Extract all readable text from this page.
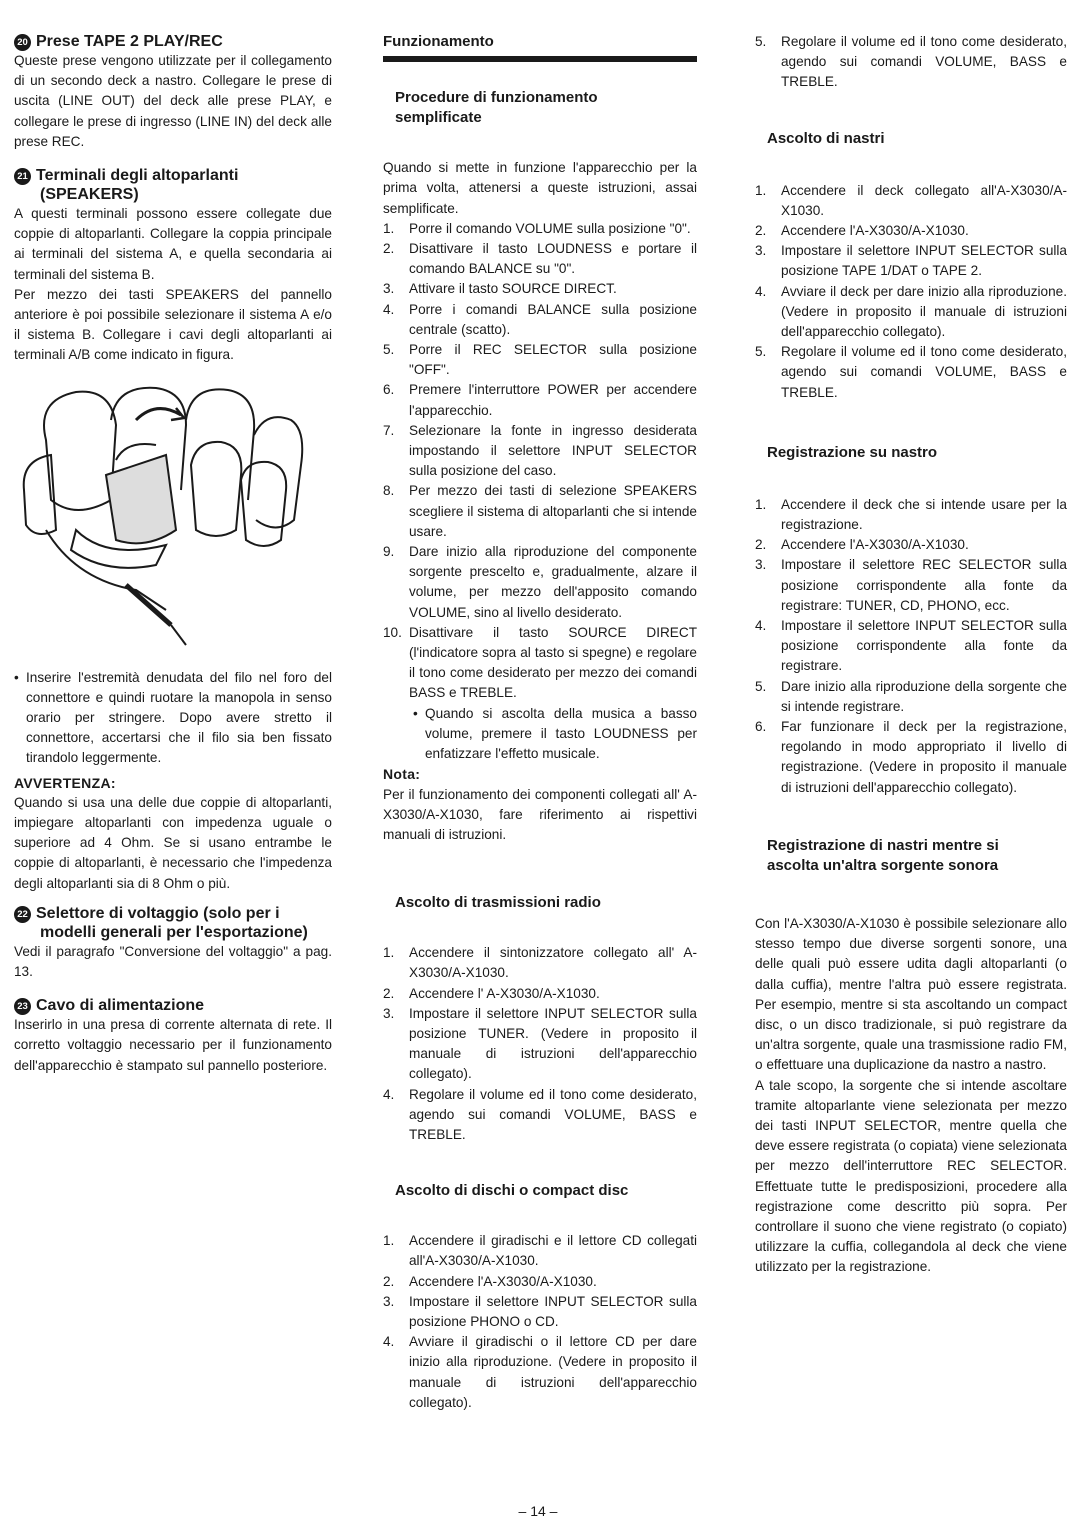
20 Prese TAPE 2 PLAY/REC

Queste prese vengono utilizzate per il collegamento di un secondo deck a nastro. Collegare le prese di uscita (LINE OUT) del deck alle prese PLAY, e collegare le prese di ingresso (LINE IN) del deck alle prese REC.

21 Terminali degli altoparlanti
(SPEAKERS)

A questi terminali possono essere collegate due coppie di altoparlanti. Collegare la coppia principale ai terminali del sistema A, e quella secondaria ai terminali del sistema B.

Per mezzo dei tasti SPEAKERS del pannello anteriore è poi possibile selezionare il sistema A e/o il sistema B. Collegare i cavi degli altoparlanti ai terminali A/B come indicato in figura.

• Inserire l'estremità denudata del filo nel foro del connettore e quindi ruotare la manopola in senso orario per stringere. Dopo avere stretto il connettore, accertarsi che il filo sia ben fissato tirandolo leggermente.
AVVERTENZA:

Quando si usa una delle due coppie di altoparlanti, impiegare altoparlanti con impedenza uguale o superiore ad 4 Ohm. Se si usano entrambe le coppie di altoparlanti, è necessario che l'impedenza degli altoparlanti sia di 8 Ohm o più.

22 Selettore di voltaggio (solo per i
modelli generali per l'esportazione)

Vedi il paragrafo "Conversione del voltaggio" a pag. 13.

23 Cavo di alimentazione

Inserirlo in una presa di corrente alternata di rete. Il corretto voltaggio necessario per il funzionamento dell'apparecchio è stampato sul pannello posteriore.

Funzionamento
Procedure di funzionamento
semplificate

Quando si mette in funzione l'apparecchio per la prima volta, attenersi a queste istruzioni, assai semplificate.

1.	Porre il comando VOLUME sulla posizione "0".
2.	Disattivare il tasto LOUDNESS e portare il comando BALANCE su "0".
3.	Attivare il tasto SOURCE DIRECT.
4.	Porre i comandi BALANCE sulla posizione centrale (scatto).
5.	Porre il REC SELECTOR sulla posizione "OFF".
6.	Premere l'interruttore POWER per accendere l'apparecchio.
7.	Selezionare la fonte in ingresso desiderata impostando il selettore INPUT SELECTOR sulla posizione del caso.
8.	Per mezzo dei tasti di selezione SPEAKERS scegliere il sistema di altoparlanti che si intende usare.
9.	Dare inizio alla riproduzione del componente sorgente prescelto e, gradualmente, alzare il volume, per mezzo dell'apposito comando VOLUME, sino al livello desiderato.
10. Disattivare il tasto SOURCE DIRECT (l'indicatore sopra al tasto si spegne) e regolare il tono come desiderato per mezzo dei comandi BASS e TREBLE.
• Quando si ascolta della musica a basso volume, premere il tasto LOUDNESS per enfatizzare l'effetto musicale.
Nota:

Per il funzionamento dei componenti collegati all' A-X3030/A-X1030, fare riferimento ai rispettivi manuali di istruzioni.

Ascolto di trasmissioni radio
1.	Accendere il sintonizzatore collegato all' A-X3030/A-X1030.
2.	Accendere l' A-X3030/A-X1030.
3.	Impostare il selettore INPUT SELECTOR sulla posizione TUNER. (Vedere in proposito il manuale di istruzioni dell'apparecchio collegato).
4.	Regolare il volume ed il tono come desiderato, agendo sui comandi VOLUME, BASS e TREBLE.
Ascolto di dischi o compact disc
1.	Accendere il giradischi e il lettore CD collegati all'A-X3030/A-X1030.
2.	Accendere l'A-X3030/A-X1030.
3.	Impostare il selettore INPUT SELECTOR sulla posizione PHONO o CD.
4.	Avviare il giradischi o il lettore CD per dare inizio alla riproduzione. (Vedere in proposito il manuale di istruzioni dell'apparecchio collegato).
5.	Regolare il volume ed il tono come desiderato, agendo sui comandi VOLUME, BASS e TREBLE.
Ascolto di nastri
1.	Accendere il deck collegato all'A-X3030/A-X1030.
2.	Accendere l'A-X3030/A-X1030.
3.	Impostare il selettore INPUT SELECTOR sulla posizione TAPE 1/DAT o TAPE 2.
4.	Avviare il deck per dare inizio alla riproduzione. (Vedere in proposito il manuale di istruzioni dell'apparecchio collegato).
5.	Regolare il volume ed il tono come desiderato, agendo sui comandi VOLUME, BASS e TREBLE.
Registrazione su nastro
1.	Accendere il deck che si intende usare per la registrazione.
2.	Accendere l'A-X3030/A-X1030.
3.	Impostare il selettore REC SELECTOR sulla posizione corrispondente alla fonte da registrare: TUNER, CD, PHONO, ecc.
4.	Impostare il selettore INPUT SELECTOR sulla posizione corrispondente alla fonte da registrare.
5.	Dare inizio alla riproduzione della sorgente che si intende registrare.
6.	Far funzionare il deck per la registrazione, regolando in modo appropriato il livello di registrazione. (Vedere in proposito il manuale di istruzioni dell'apparecchio collegato).
Registrazione di nastri mentre si
ascolta un'altra sorgente sonora

Con l'A-X3030/A-X1030 è possibile selezionare allo stesso tempo due diverse sorgenti sonore, una delle quali può essere udita dagli altoparlanti (o dalla cuffia), mentre l'altra può essere registrata. Per esempio, mentre si sta ascoltando un compact disc, o un disco tradizionale, si può registrare da un'altra sorgente, quale una trasmissione radio FM, o effettuare una duplicazione da nastro a nastro.

A tale scopo, la sorgente che si intende ascoltare tramite altoparlante viene selezionata per mezzo dei tasti INPUT SELECTOR, mentre quella che deve essere registrata (o copiata) viene selezionata per mezzo dell'interruttore REC SELECTOR. Effettuate tutte le predisposizioni, procedere alla registrazione come descritto più sopra. Per controllare il suono che viene registrato (o copiato) utilizzare la cuffia, collegandola al deck che viene utilizzato per la registrazione.

– 14 –
